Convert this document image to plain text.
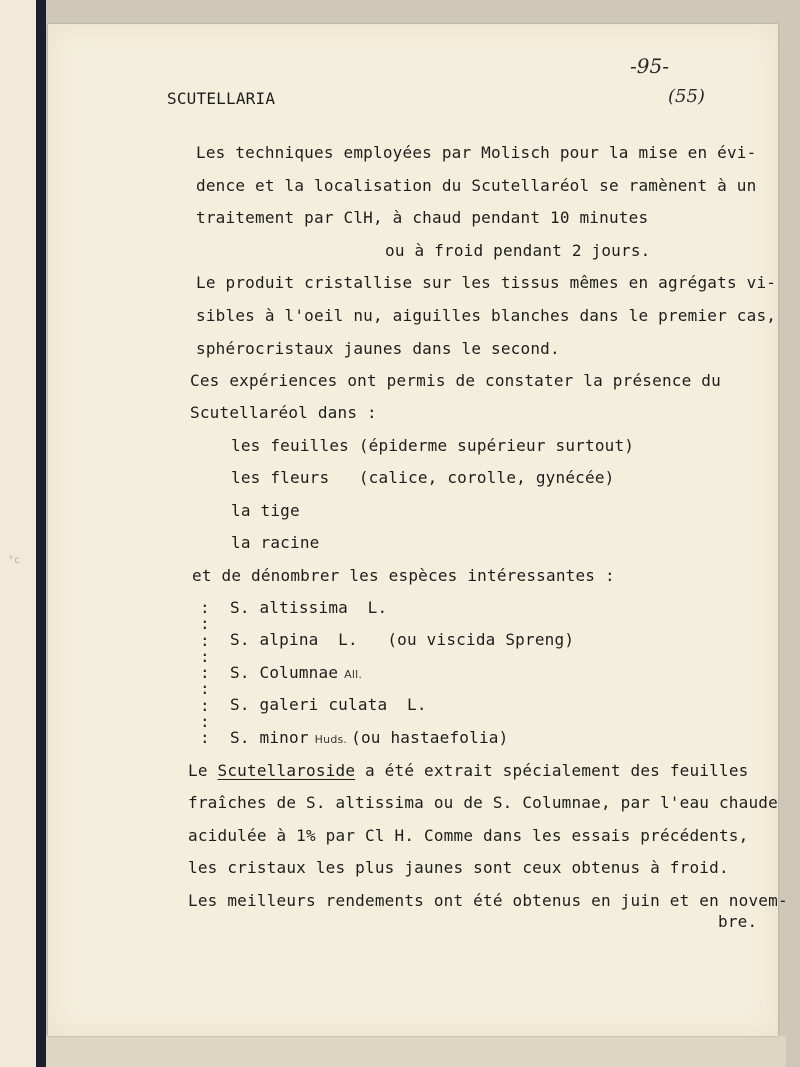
°c
-95-
SCUTELLARIA	(55)
Les techniques employées par Molisch pour la mise en évi-
dence et la localisation du Scutellaréol se ramènent à un
traitement par ClH, à chaud pendant 10 minutes
ou à froid pendant 2 jours.
Le produit cristallise sur les tissus mêmes en agrégats vi-
sibles à l'oeil nu, aiguilles blanches dans le premier cas,
sphérocristaux jaunes dans le second.
Ces expériences ont permis de constater la présence du
Scutellaréol dans :
les feuilles (épiderme supérieur surtout)
les fleurs   (calice, corolle, gynécée)
la tige
la racine
et de dénombrer les espèces intéressantes :
:
:
:
:
:
:
:
:
:
S. altissima  L.
S. alpina  L.   (ou viscida Spreng)
S. Columnae All.
S. galeri culata  L.
S. minor Huds. (ou hastaefolia)
Le Scutellaroside a été extrait spécialement des feuilles
fraîches de S. altissima ou de S. Columnae, par l'eau chaude
acidulée à 1% par Cl H. Comme dans les essais précédents,
les cristaux les plus jaunes sont ceux obtenus à froid.
Les meilleurs rendements ont été obtenus en juin et en novem-
bre.
